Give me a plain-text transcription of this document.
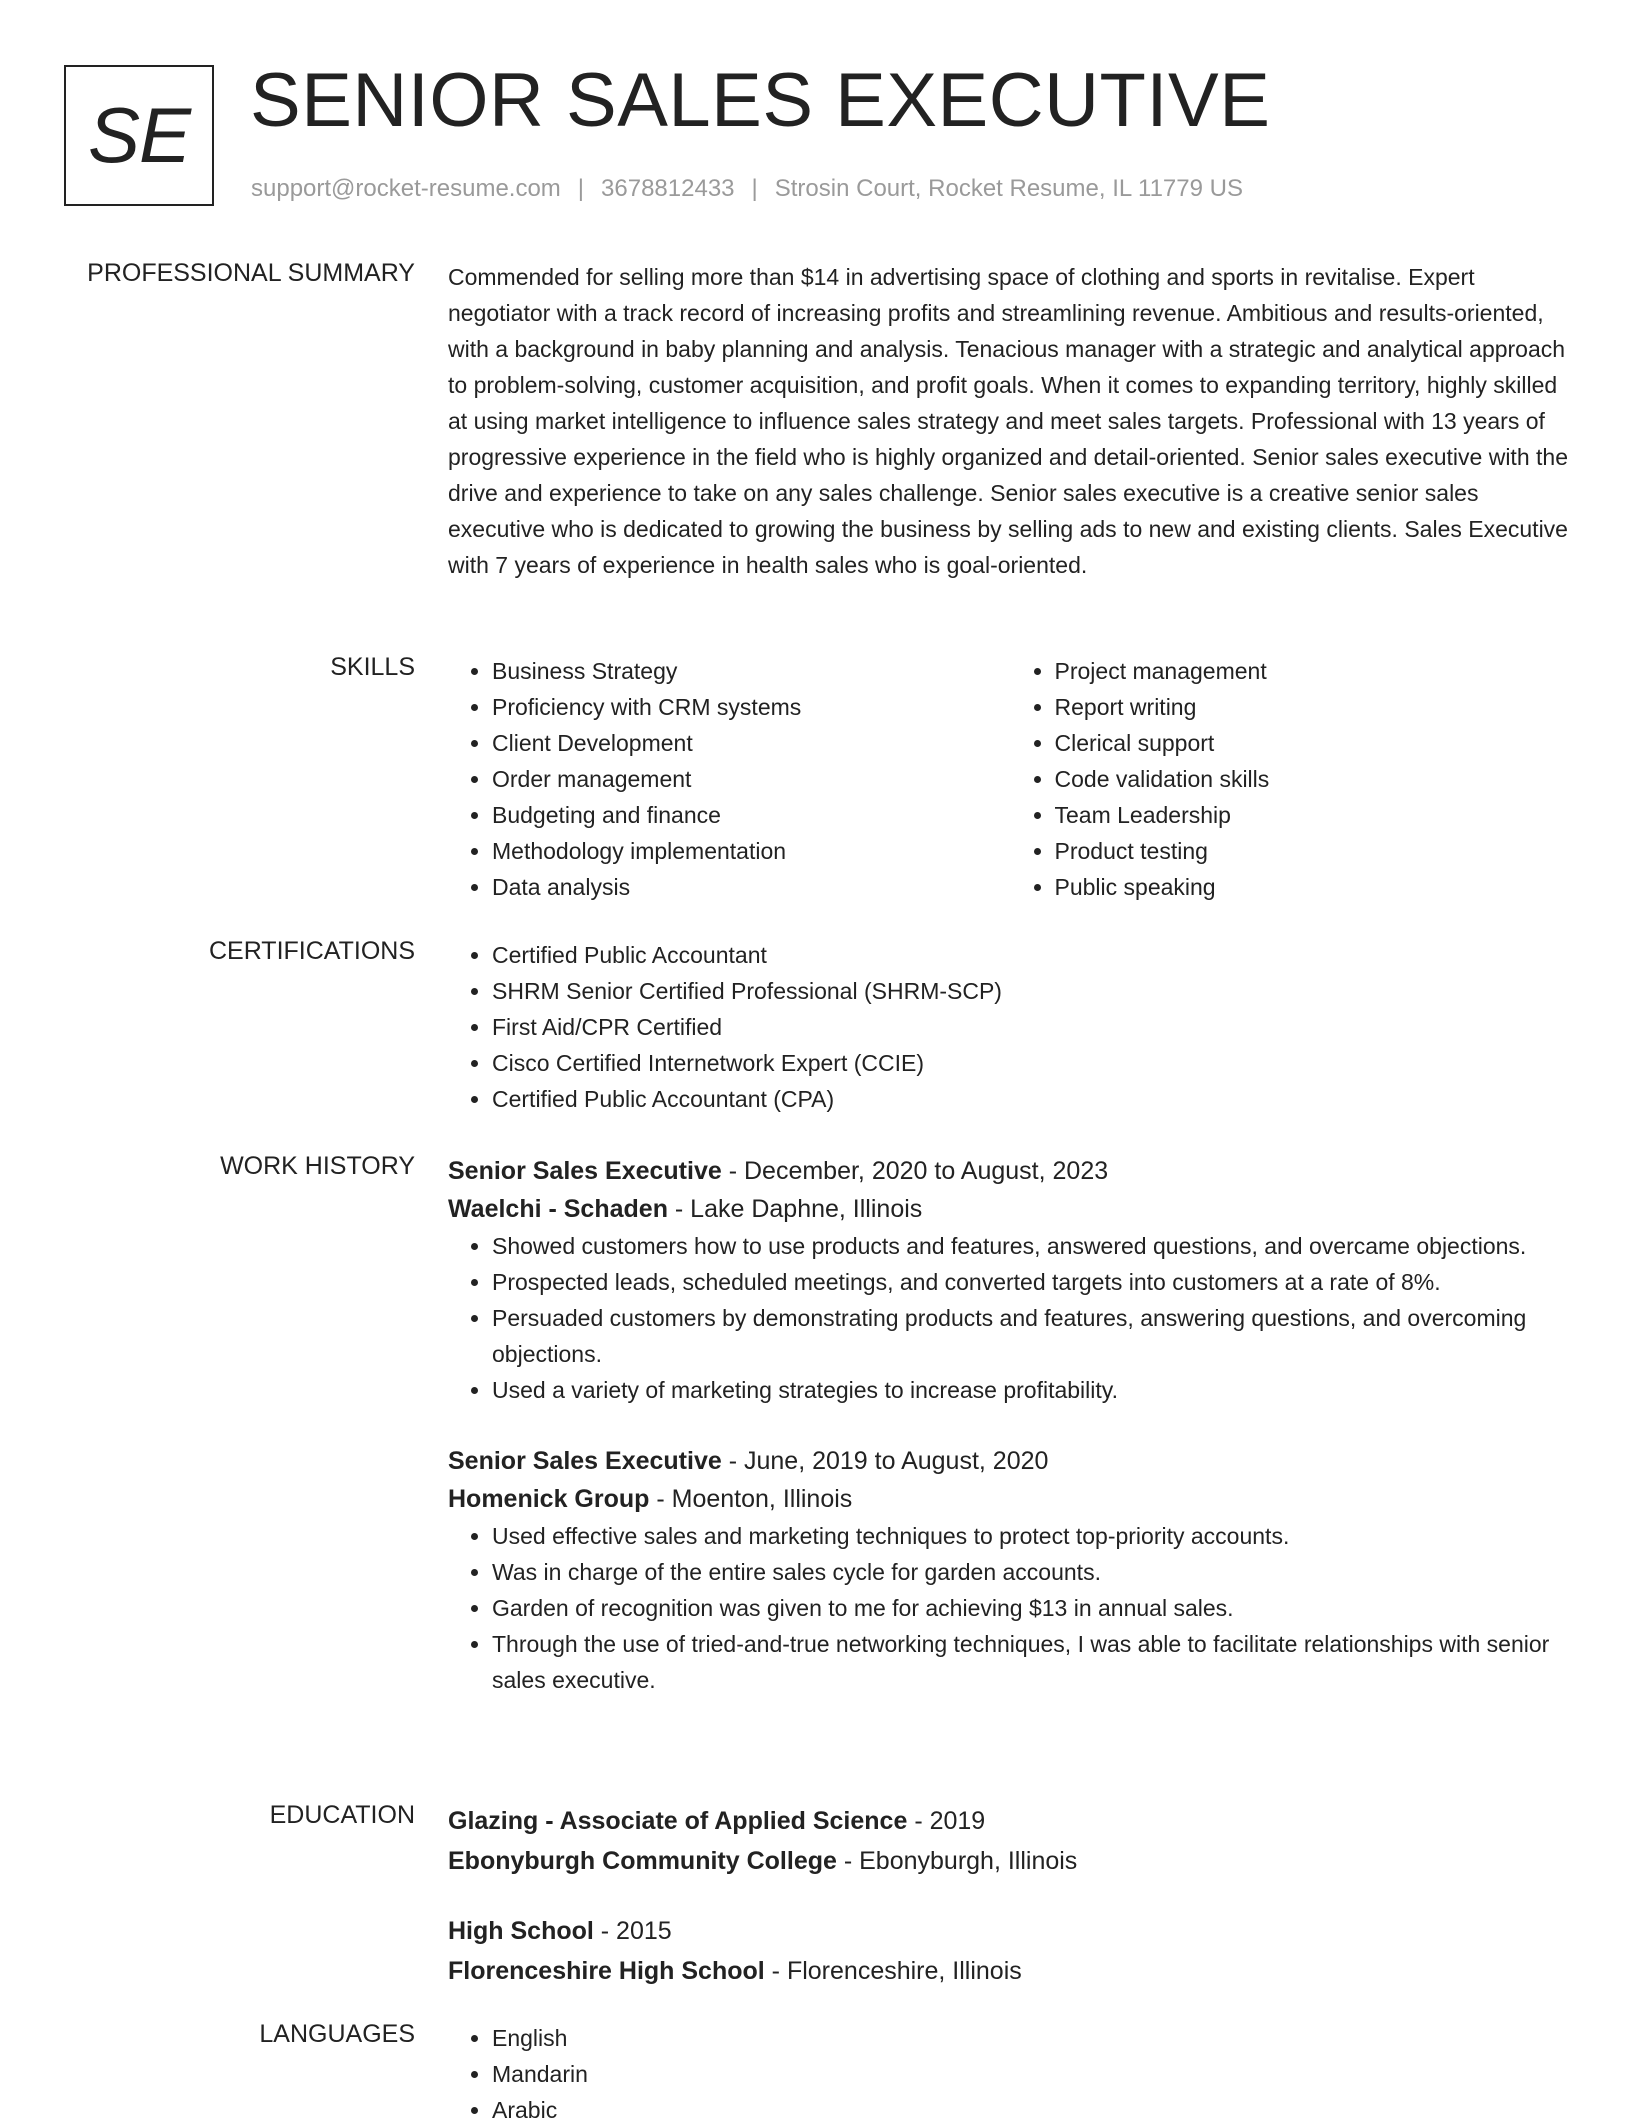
SE SENIOR SALES EXECUTIVE
support@rocket-resume.com | 3678812433 | Strosin Court, Rocket Resume, IL 11779 US
PROFESSIONAL SUMMARY Commended for selling more than $14 in advertising space of clothing and sports in revitalise. Expert negotiator with a track record of increasing profits and streamlining revenue. Ambitious and results-oriented, with a background in baby planning and analysis. Tenacious manager with a strategic and analytical approach to problem-solving, customer acquisition, and profit goals. When it comes to expanding territory, highly skilled at using market intelligence to influence sales strategy and meet sales targets. Professional with 13 years of progressive experience in the field who is highly organized and detail-oriented. Senior sales executive with the drive and experience to take on any sales challenge. Senior sales executive is a creative senior sales executive who is dedicated to growing the business by selling ads to new and existing clients. Sales Executive with 7 years of experience in health sales who is goal-oriented.

SKILLS	• Business Strategy
• Proficiency with CRM systems
• Client Development
• Order management
• Budgeting and finance
• Methodology implementation
• Data analysis
• Project management
• Report writing
• Clerical support
• Code validation skills
• Team Leadership
• Product testing
• Public speaking
CERTIFICATIONS	• Certified Public Accountant
• SHRM Senior Certified Professional (SHRM-SCP)
• First Aid/CPR Certified
• Cisco Certified Internetwork Expert (CCIE)
• Certified Public Accountant (CPA)
WORK HISTORY Senior Sales Executive - December, 2020 to August, 2023
Waelchi - Schaden - Lake Daphne, Illinois
• Showed customers how to use products and features, answered questions, and overcame objections.
• Prospected leads, scheduled meetings, and converted targets into customers at a rate of 8%.
• Persuaded customers by demonstrating products and features, answering questions, and overcoming objections.
• Used a variety of marketing strategies to increase profitability.
Senior Sales Executive - June, 2019 to August, 2020
Homenick Group - Moenton, Illinois
• Used effective sales and marketing techniques to protect top-priority accounts.
• Was in charge of the entire sales cycle for garden accounts.
• Garden of recognition was given to me for achieving $13 in annual sales.
• Through the use of tried-and-true networking techniques, I was able to facilitate relationships with senior sales executive.
EDUCATION Glazing - Associate of Applied Science - 2019
Ebonyburgh Community College - Ebonyburgh, Illinois
High School - 2015
Florenceshire High School - Florenceshire, Illinois
LANGUAGES	• English
• Mandarin
• Arabic
